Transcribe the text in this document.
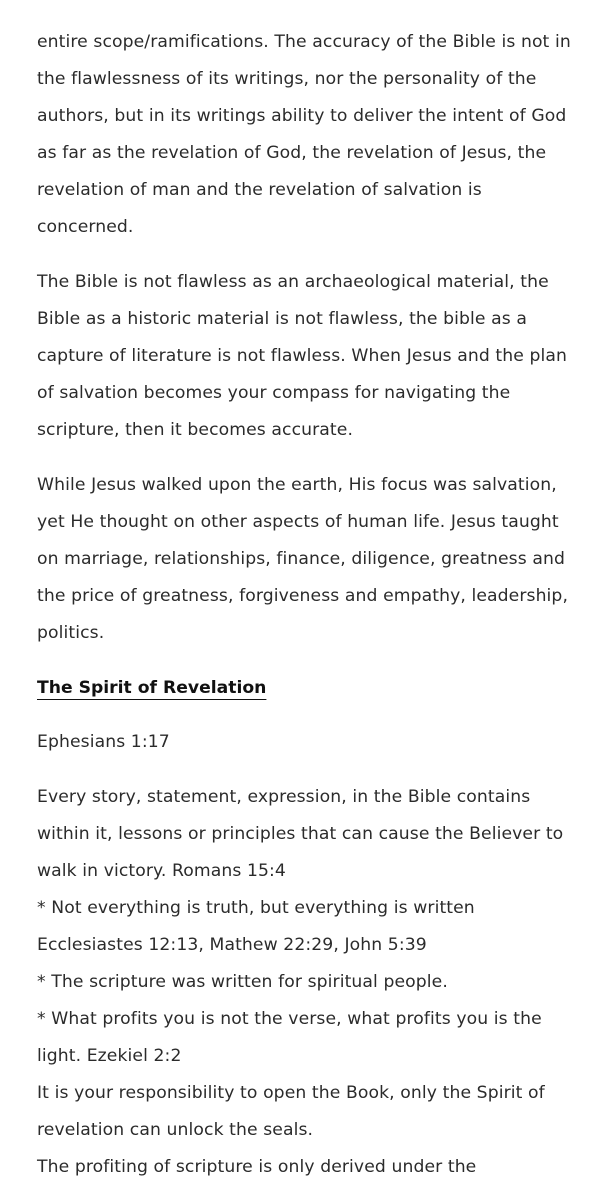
entire scope/ramifications. The accuracy of the Bible is not in the flawlessness of its writings, nor the personality of the authors, but in its writings ability to deliver the intent of God as far as the revelation of God, the revelation of Jesus, the revelation of man and the revelation of salvation is concerned.

The Bible is not flawless as an archaeological material, the Bible as a historic material is not flawless, the bible as a capture of literature is not flawless. When Jesus and the plan of salvation becomes your compass for navigating the scripture, then it becomes accurate.

While Jesus walked upon the earth, His focus was salvation, yet He thought on other aspects of human life. Jesus taught on marriage, relationships, finance, diligence, greatness and the price of greatness, forgiveness and empathy, leadership, politics.

The Spirit of Revelation

Ephesians 1:17

Every story, statement, expression, in the Bible contains within it, lessons or principles that can cause the Believer to walk in victory. Romans 15:4

* Not everything is truth, but everything is written Ecclesiastes 12:13, Mathew 22:29, John 5:39

* The scripture was written for spiritual people.

* What profits you is not the verse, what profits you is the light. Ezekiel 2:2

It is your responsibility to open the Book, only the Spirit of revelation can unlock the seals.

The profiting of scripture is only derived under the
